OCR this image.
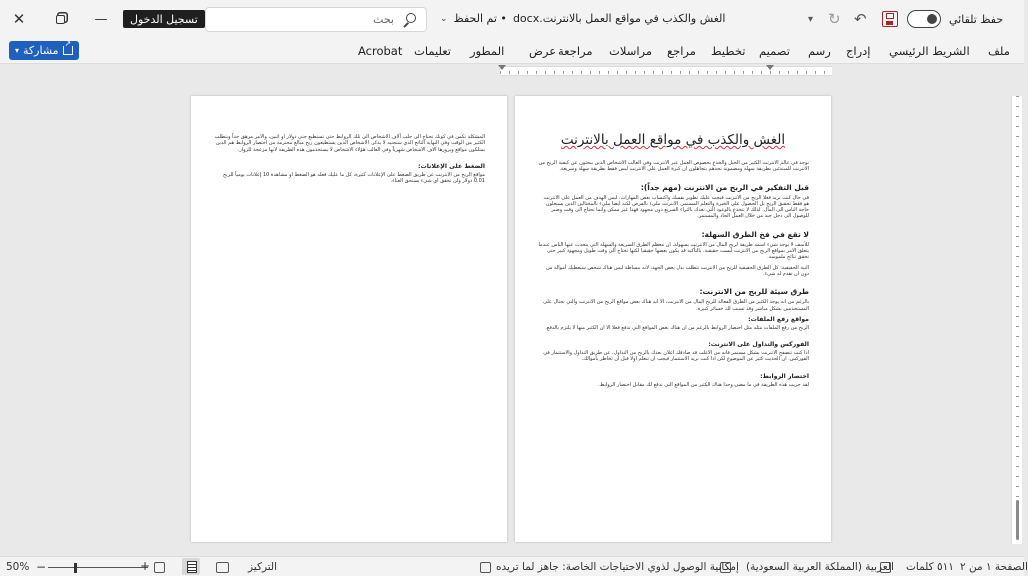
✕	—	تسجيل الدخول
بحث	الغش والكذب في مواقع العمل بالانترنت.docx
• تم الحفظ
⌄	▾ ↻ ↶	حفظ تلقائي
ملف
الشريط الرئيسي
إدراج
رسم
تصميم
تخطيط
مراجع
مراسلات
مراجعة
عرض
المطور
تعليمات
Acrobat
▾ مشاركة
↗
الغش والكذب في مواقع العمل بالانترنت

توجد في عالم الانترنت الكثير من الحيل والخدع بخصوص العمل عبر الانترنت وفي الغالب الاشخاص الذين يبحثون عن كيفية الربح من الانترنت للمبتدئين بطريقة سهلة ومضمونة تجدهم يتجاهلون ان كبرة العمل على الانترنت ليس فقط بطريقة سهلة وسريعة.

قبل التفكير في الربح من الانترنت (مهم جداً):

في حال كنت تريد فعلا الربح من الانترنت فيجب عليك تطوير نفسك واكتساب بعض المهارات. ليس الهدف من العمل على الانترنت هو فقط تحقيق الربح بل الحصول على الخبرة والتعلم المستمر. الانترنت مليء بالفرص لكنه ايضا مليء بالمحتالين الذين يستغلون حاجة الناس الى المال. لذلك لا تنخدع بالوعود التي تعدك بالثراء السريع دون مجهود فهذا غير ممكن وانما تحتاج الى وقت وصبر للوصول الى دخل جيد من خلال العمل الجاد والمستمر.

لا تقع في فخ الطرق السهلة:

للأسف لا يوجد شيء اسمه طريقة لربح المال من الانترنت بسهولة، ان معظم الطرق السريعة والسهلة التي يتحدث عنها الناس عندما يتعلق الامر بمواقع الربح من الانترنت ليست حقيقية. بالتأكيد قد يكون بعضها حقيقيا لكنها تحتاج الى وقت طويل ومجهود كبير حتى تحقق نتائج ملموسة.

النية الحقيقية: كل الطرق الحقيقية للربح من الانترنت تتطلب بذل بعض الجهد، لانه ببساطة ليس هناك شخص سيعطيك أمواله من دون ان تقدم له شيء.

طرق سيئة للربح من الانترنت:

بالرغم من انه يوجد الكثير من الطرق الفعالة للربح المال من الانترنت، الا انه هناك بعض مواقع الربح من الانترنت والتي تحتال على المستخدمين بشكل مباشر وقد تسبب لك خسائر كبيرة.

مواقع رفع الملفات:

الربح من رفع الملفات مثله مثل اختصار الروابط بالرغم من ان هناك بعض المواقع التي تدفع فعلا الا ان الكثير منها لا يلتزم بالدفع.

الفوركس والتداول على الانترنت:

اذا كنت تتصفح الانترنت بشكل مستمر فانه من الاغلب قد صادفك اعلان يعدك بالربح من التداول، عن طريق التداول والاستثمار في الفوركس. ان الحديث كثير عن الموضوع لكن اذا كنت تريد الاستثمار فيجب ان تتعلم اولا قبل ان تخاطر بأموالك.

اختصار الروابط:

لقد جربت هذه الطريقة في ما مضى وجدا هناك الكثير من المواقع التي تدفع لك مقابل اختصار الروابط.

المشكلة تكمن في كونك تحتاج الى جلب آلاف الاشخاص الى تلك الروابط حتى تستطيع جني دولار او اثنين، والامر مرهق جداً ويتطلب الكثير من الوقت وفي النهاية الناتج الذي ستجنيه لا يذكر. الاشخاص الذين يستطيعون ربح مبالغ محترمة من اختصار الروابط هم الذين يمتلكون مواقع ويزورها الاف الاشخاص شهرياً وفي الغالب هؤلاء الاشخاص لا يستخدمون هذه الطريقة لانها مزعجة للزوار.

الضغط على الإعلانات:

مواقع الربح من الانترنت عن طريق الضغط على الإعلانات كثيرة، كل ما عليك فعله هو الضغط او مشاهدة 10 إعلانات يومياً للربح 0.01 دولار ولن تحقق اي شيء يستحق العناء.

الصفحة ١ من ٢
٥١١ كلمات
العربية (المملكة العربية السعودية)
إمكانية الوصول لذوي الاحتياجات الخاصة: جاهز لما تريده
التركيز
−	+
50%
